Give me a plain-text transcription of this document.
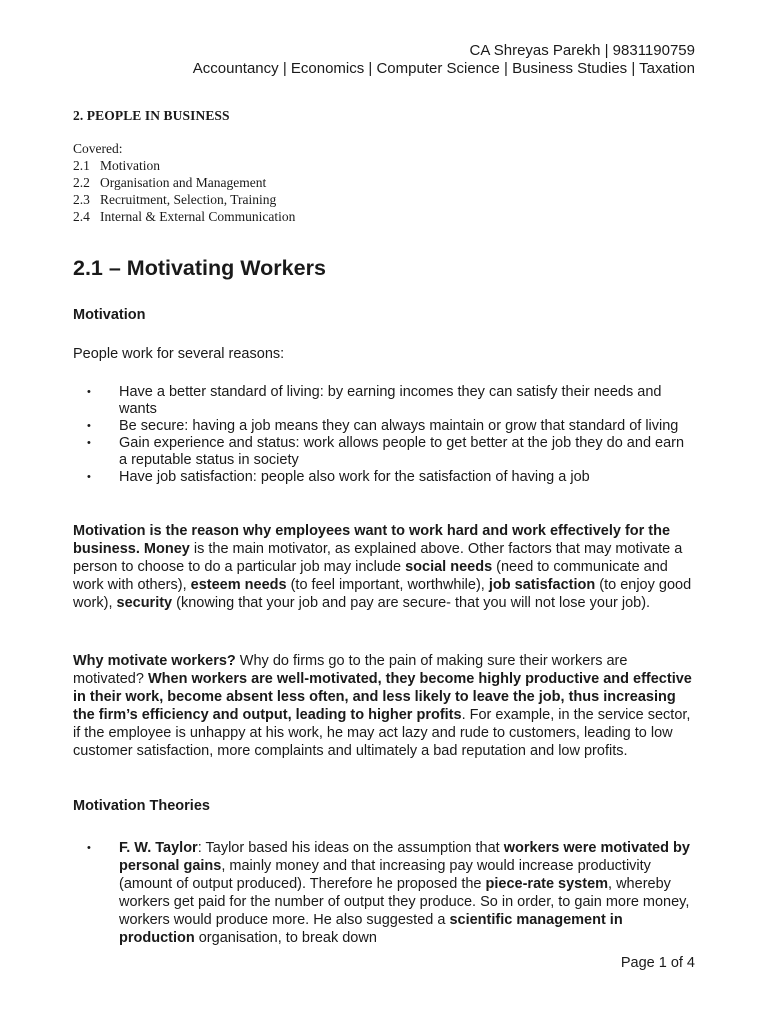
CA Shreyas Parekh | 9831190759
Accountancy | Economics | Computer Science | Business Studies | Taxation
2. PEOPLE IN BUSINESS
Covered:
2.1 Motivation
2.2 Organisation and Management
2.3 Recruitment, Selection, Training
2.4 Internal & External Communication
2.1 – Motivating Workers
Motivation
People work for several reasons:
• Have a better standard of living: by earning incomes they can satisfy their needs and wants
• Be secure: having a job means they can always maintain or grow that standard of living
• Gain experience and status: work allows people to get better at the job they do and earn a reputable status in society
• Have job satisfaction: people also work for the satisfaction of having a job
Motivation is the reason why employees want to work hard and work effectively for the business. Money is the main motivator, as explained above. Other factors that may motivate a person to choose to do a particular job may include social needs (need to communicate and work with others), esteem needs (to feel important, worthwhile), job satisfaction (to enjoy good work), security (knowing that your job and pay are secure- that you will not lose your job).
Why motivate workers? Why do firms go to the pain of making sure their workers are motivated? When workers are well-motivated, they become highly productive and effective in their work, become absent less often, and less likely to leave the job, thus increasing the firm’s efficiency and output, leading to higher profits. For example, in the service sector, if the employee is unhappy at his work, he may act lazy and rude to customers, leading to low customer satisfaction, more complaints and ultimately a bad reputation and low profits.
Motivation Theories
• F. W. Taylor: Taylor based his ideas on the assumption that workers were motivated by personal gains, mainly money and that increasing pay would increase productivity (amount of output produced). Therefore he proposed the piece-rate system, whereby workers get paid for the number of output they produce. So in order, to gain more money, workers would produce more. He also suggested a scientific management in production organisation, to break down
Page 1 of 4
